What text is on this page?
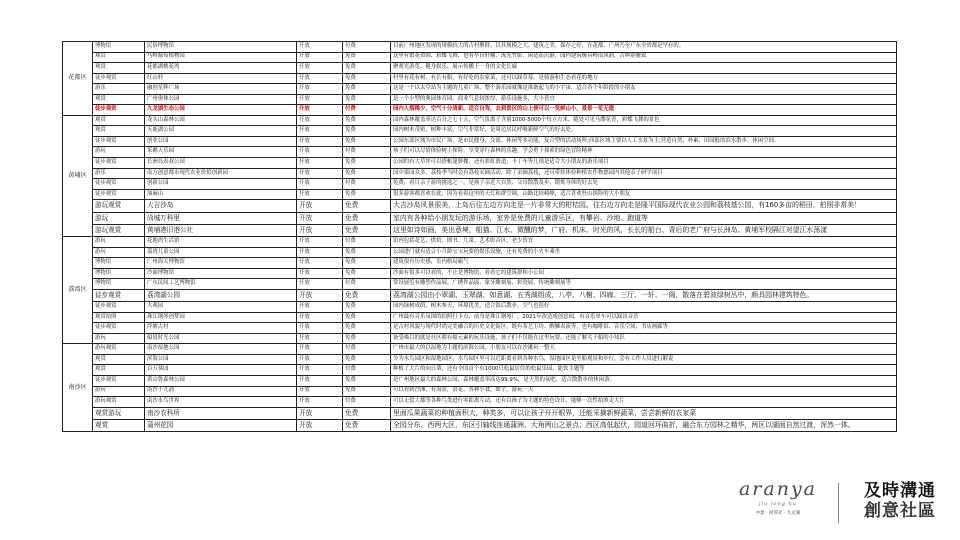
花都区	博物馆	民俗博物馆	开放	付费	目前广州地区发现的规模较大的古村聚群，以其规模之大、建筑之美、保存之好，在花都、广州乃至广东全省都是罕有的。
	观赏	马岭葡萄植物园	开放	免费	这里有繁花似锦、彩蝶飞舞，也有亭台轩榭、流光竹影，闲适而沉静，园内建筑极具岭南风韵，古典别雅致
	观赏	花都湖桃花湾	开放	免费	聚观光游览、健身娱乐、展示传播于一身的文化长廊
	徒步观赏	红山村	开放	免费	村里有花有树、有长有船，有好吃的农家菜，还可以踩草莓，是骑游和生态看花的地方
	游乐	融创星辉广场	开放	免费	这是一个以太空站为主题的儿童广场，整个游乐园就像是准备起飞的小宇宙，适合各个年龄段的小朋友
	观赏	广州奥体公园	开放	免费	是一个小型的奥园体育园，商业气息较浓厚，游乐设施多，大小皆宜
	徒步观赏	九龙湖生态公园	开放	付费	园内人烟稀少，空气十分清新，适合自驾，去到景区的山上便可以一览鲜山小，景景一览无遗
黄埔区	观赏	龙头山森林公园	开放	免费	园内森林覆盖率达百分之七十五，空气负离子含量1000-5000个每立方米，随处可见马缨花香，彩蝶飞舞的景色
	观赏	天鹿湖公园	开放	免费	园内树木茂密，树种丰富，空气非常好，是周边居民呼吸新鲜空气的好去处。
	徒步观赏	创业公园	开放	免费	公园东部区域为市民广场，是市民健身、交流、休闲等多功能、复合型的活动场所;西部区域主要以人工水景为主;营造自然、朴素、田园般的滨水散步、休闲空间。
	游玩	笨鹅天乐园	开放	付费	孩子们可以尽情体验树上探险，享受穿行森林的乐趣，学会勇于探索的绿色冒险精神
	徒步观赏	长洲岛表叔公园	开放	免费	公园的有大草坪可以搭帐篷野餐，还有彩虹滑道，卡丁车等几项是适合大小朋友的游乐项目
	游乐	南方创意都市现代农业价值创新园	开放	免费	园中果园众多，荔枝季当时会有荔枝采摘活动，除了采摘荔枝，还可带娃体验种植农作物德园内其他亲子研学项目
	徒步观赏	创新公园	开放	付费	免费，看日亲子游的挑选之一，是孩子亲近大自然、父母散散及步、锻炼身体的好去处
	徒步观赏	油麻山	开放	免费	很多游客都喜欢在此，因为看着这里的天灯和群空调，山路比较崎岖，适合喜欢登山探险的大小朋友
	游玩观赏	大吉沙岛	开放	免费	大吉沙岛风景很美，上岛后往左边方向走是一片非常大的柑桔园。往右边方向走是隆平国际现代农业公园和荔枝基公园，有160多亩的稻田，拍照非常美！
	游玩	尚城万科里	开放	免费	室内有各种给小朋友玩的游乐场，室外是免费的儿童游乐区，有攀岩、沙地、跑道等
	游玩观赏	黄埔港旧港公社	开放	免费	这里如诗如画，美出意境，船猫、江水、微醺的梦，广府、机床、时光的风，长长的船台、背后的老广府与长洲岛、黄埔军校隔江对望江水荡漾
荔湾区	游玩	花地湾生活馆	开放	付费	馆内包括花艺、烘焙、图书、儿童、艺术影音区，老少皆宜
	游玩	荔湾儿童公园	开放	免费	公园进门就有适合小月龄宝宝玩要的娱乐设施，还有免费的小火车乘坐
	博物馆	广州海关博物馆	开放	免费	建筑很有历史感，室内格局霸气
	博物馆	沙面博物馆	开放	免费	沙面有很多可以看的，不止是博物馆，看看它的建筑群和小公园
	博物馆	广东民间工艺博物馆	开放	付费	常设展览有雕塑作品展、广绣作品展、象牙雕刻展、彩瓷展、传统雕刻展等
	徒步观赏	荔湾湖公园	开放	免费	荔湾湖公园由小翠湖、玉翠湖、如意湖、五秀湖组成，八亭、八榭、四廊、三厅、一轩、一阁，散落在碧波绿树丛中，颇具园林建筑特色。
	徒步观赏	大观园	开放	免费	园内绿树成荫，树木参天，环境优美，适合饭后散步，空气也很好
	观赏拍照	珠江钢琴创梦园	开放	免费	广州最有音乐氛围的拍照打卡点，前身是珠江钢琴厂，2021年改造成创意园，有音乐单车可以踩出音乐
	徒步观赏	泮塘古村	开放	免费	是古村风貌与现代时尚完美融合的历史文化街区，既有茶艺玉坊、醒狮表演等，也有咖啡馆、音乐空间、书店画廊等
	游玩	船说时光公园	开放	免费	备受喵目的就是社区都有船元素的玩乐设施，孩子们不仅能在这里玩要，还能了解关于船的小知识
南沙区	游玩观赏	南沙湿地公园	开放	付费	广州市最大的以湿地为主题的滨海公园，小朋友可以在沙滩玩一整天
	观赏	滨海公园	开放	免费	分为水鸟园区和湿地园区，水鸟园区里可以近距离看到各种水鸟，湿地园区是坐船观景和步行，会有工作人员进行解说
	观赏	百万葵园	开放	付费	种植了大片的向日葵，还有全国首个有1000只松鼠居住的松鼠乐园，能饮主题等
	徒步观赏	黄山鲁森林公园	开放	免费	是广州地区最大的森林公园，森林覆盖率高达99.9%，是天然的氧吧，适合散散步的休闲游。
	游玩	南沙十九涌	开放	免费	可以看到沙滩，有海景，浪花、各种小食，如芋，游玩一天
	游玩观赏	南沙水鸟世界	开放	付费	可以无偿大都等各种鸟类进行零距离互动，还有以孩子为主题的特色设计，能够一次性拍照走大片
	观赏游玩	南沙农科所	开放	免费	里面瓜果蔬菜的种植面积大，种类多，可以让孩子开开眼界，还能采摘新鲜蔬菜，尝尝新鲜的农家菜
	观赏	蒲州花园	开放	免费	全园分东、西两大区，东区引轴线连通蒲洲、大角两山之景点；西区高低起伏，园道回环曲折，融合东方园林之精华，两区以湖面自然过渡，浑然一体。
aranya
jiu long hu
中建 · 阿那亚 · 九龙湖
及時溝通
創意社區
